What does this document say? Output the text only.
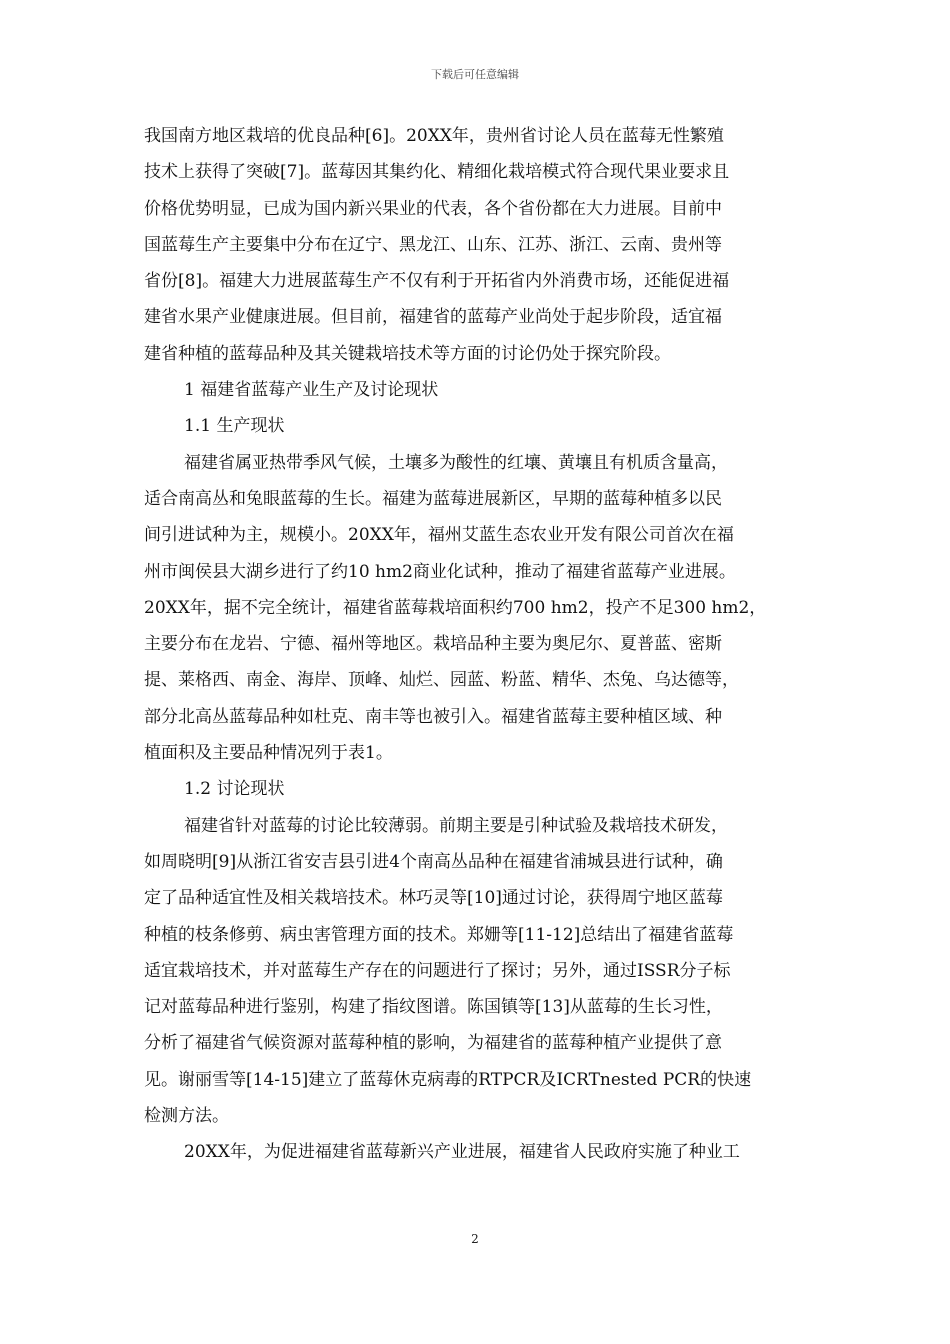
下载后可任意编辑
我国南方地区栽培的优良品种[6]。20XX年，贵州省讨论人员在蓝莓无性繁殖
技术上获得了突破[7]。蓝莓因其集约化、精细化栽培模式符合现代果业要求且
价格优势明显，已成为国内新兴果业的代表，各个省份都在大力进展。目前中
国蓝莓生产主要集中分布在辽宁、黑龙江、山东、江苏、浙江、云南、贵州等
省份[8]。福建大力进展蓝莓生产不仅有利于开拓省内外消费市场，还能促进福
建省水果产业健康进展。但目前，福建省的蓝莓产业尚处于起步阶段，适宜福
建省种植的蓝莓品种及其关键栽培技术等方面的讨论仍处于探究阶段。
1 福建省蓝莓产业生产及讨论现状
1.1 生产现状
福建省属亚热带季风气候，土壤多为酸性的红壤、黄壤且有机质含量高，
适合南高丛和兔眼蓝莓的生长。福建为蓝莓进展新区，早期的蓝莓种植多以民
间引进试种为主，规模小。20XX年，福州艾蓝生态农业开发有限公司首次在福
州市闽侯县大湖乡进行了约10 hm2商业化试种，推动了福建省蓝莓产业进展。
20XX年，据不完全统计，福建省蓝莓栽培面积约700 hm2，投产不足300 hm2，
主要分布在龙岩、宁德、福州等地区。栽培品种主要为奥尼尔、夏普蓝、密斯
提、莱格西、南金、海岸、顶峰、灿烂、园蓝、粉蓝、精华、杰兔、乌达德等，
部分北高丛蓝莓品种如杜克、南丰等也被引入。福建省蓝莓主要种植区域、种
植面积及主要品种情况列于表1。
1.2 讨论现状
福建省针对蓝莓的讨论比较薄弱。前期主要是引种试验及栽培技术研发，
如周晓明[9]从浙江省安吉县引进4个南高丛品种在福建省浦城县进行试种，确
定了品种适宜性及相关栽培技术。林巧灵等[10]通过讨论，获得周宁地区蓝莓
种植的枝条修剪、病虫害管理方面的技术。郑姗等[11-12]总结出了福建省蓝莓
适宜栽培技术，并对蓝莓生产存在的问题进行了探讨；另外，通过ISSR分子标
记对蓝莓品种进行鉴别，构建了指纹图谱。陈国镇等[13]从蓝莓的生长习性，
分析了福建省气候资源对蓝莓种植的影响，为福建省的蓝莓种植产业提供了意
见。谢丽雪等[14-15]建立了蓝莓休克病毒的RTPCR及ICRTnested PCR的快速
检测方法。
20XX年，为促进福建省蓝莓新兴产业进展，福建省人民政府实施了种业工
2
